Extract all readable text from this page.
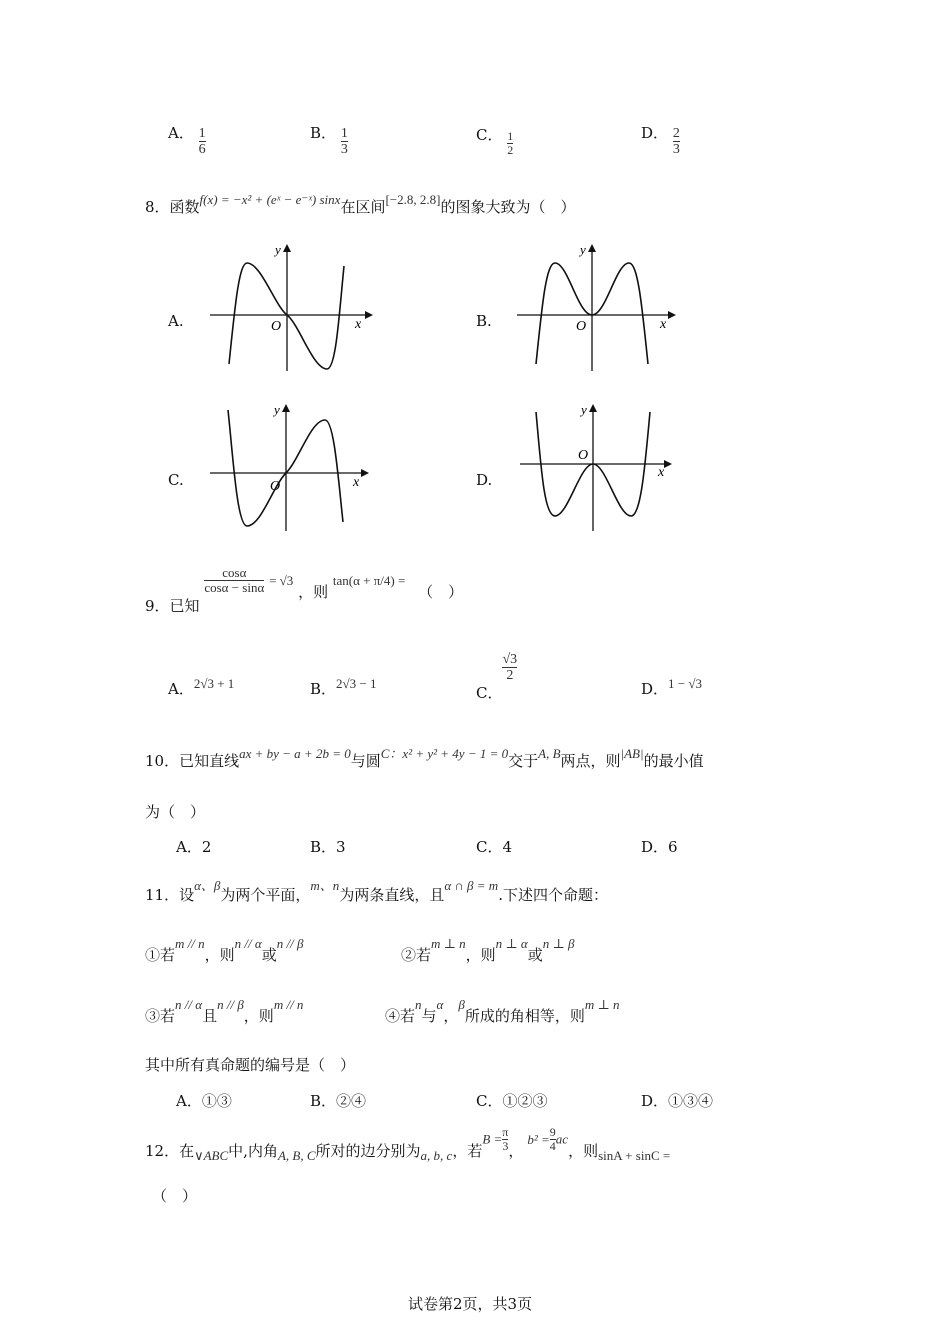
A． $\frac{1}{6}$	B． $\frac{1}{3}$	C． $\frac{1}{2}$	D． $\frac{2}{3}$
8．函数f(x) = −x² + (eˣ − e⁻ˣ) sinx在区间[−2.8, 2.8]的图象大致为（　）
A.
y
x
O	B.
y
x
O
C.
y
x
O	D.
y
x
O
9．已知
$\frac{\cos\alpha}{\cos\alpha - \sin\alpha} = √3$ ，则 tan(α + π/4) = （　）
A．2√3 + 1	B．2√3 − 1
C．
$\frac{√3}{2}$
D．1 − √3
10．已知直线ax + by − a + 2b = 0与圆C：x² + y² + 4y − 1 = 0交于A, B两点，则|AB|的最小值
为（　）
A．2	B．3	C．4	D．6
11．设α、β为两个平面，m、n为两条直线，且α ∩ β = m.下述四个命题：
①若m // n，则n // α或n // β
②若m ⊥ n，则n ⊥ α或n ⊥ β
③若n // α且n // β，则m // n
④若n与α，β所成的角相等，则m ⊥ n
其中所有真命题的编号是（　）
A．①③	B．②④	C．①②③	D．①③④
12．在∨ABC中,内角A, B, C所对的边分别为a, b, c，若$B = \frac{\pi}{3}$ ，$b^2 = \frac{9}{4}$ ac，则sinA + sinC =
（　）
试卷第2页，共3页
